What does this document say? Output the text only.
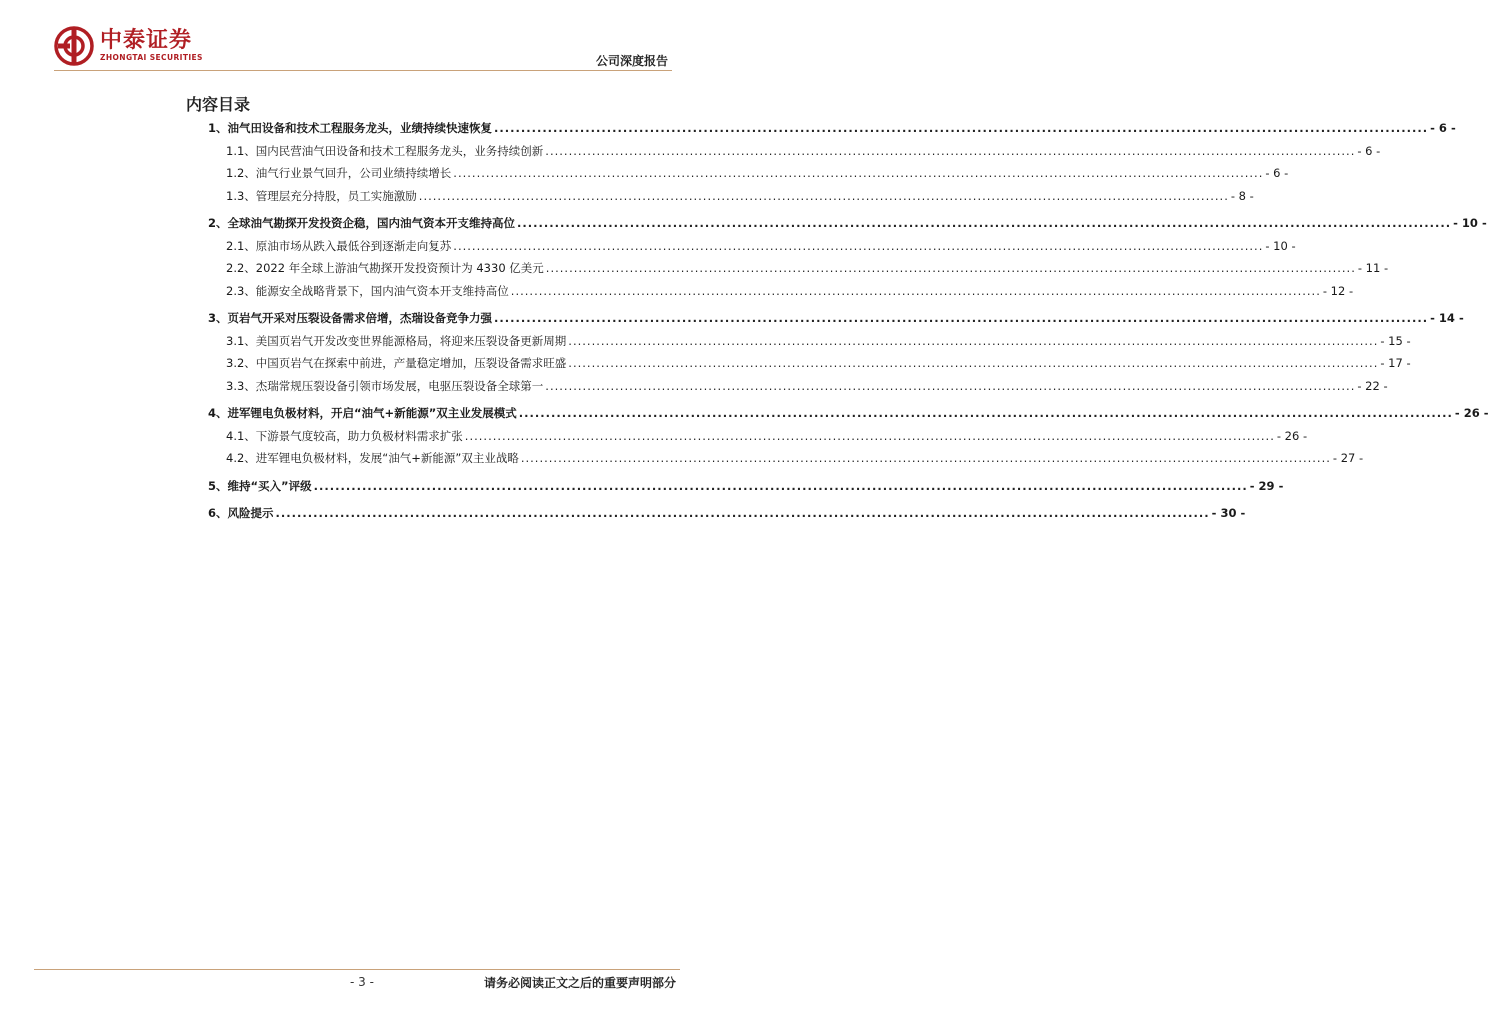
中泰证券
ZHONGTAI SECURITIES	公司深度报告
内容目录
1、油气田设备和技术工程服务龙头，业绩持续快速恢复 .....	- 6 -
1.1、国内民营油气田设备和技术工程服务龙头，业务持续创新 .....	- 6 -
1.2、油气行业景气回升，公司业绩持续增长 .....	- 6 -
1.3、管理层充分持股，员工实施激励 .....	- 8 -
2、全球油气勘探开发投资企稳，国内油气资本开支维持高位 .....	- 10 -
2.1、原油市场从跌入最低谷到逐渐走向复苏 .....	- 10 -
2.2、2022 年全球上游油气勘探开发投资预计为 4330 亿美元 .....	- 11 -
2.3、能源安全战略背景下，国内油气资本开支维持高位 .....	- 12 -
3、页岩气开采对压裂设备需求倍增，杰瑞设备竞争力强 .....	- 14 -
3.1、美国页岩气开发改变世界能源格局，将迎来压裂设备更新周期 .....	- 15 -
3.2、中国页岩气在探索中前进，产量稳定增加，压裂设备需求旺盛 .....	- 17 -
3.3、杰瑞常规压裂设备引领市场发展，电驱压裂设备全球第一 .....	- 22 -
4、进军锂电负极材料，开启“油气+新能源”双主业发展模式 .....	- 26 -
4.1、下游景气度较高，助力负极材料需求扩张 .....	- 26 -
4.2、进军锂电负极材料，发展“油气+新能源”双主业战略 .....	- 27 -
5、维持“买入”评级 .....	- 29 -
6、风险提示 .....	- 30 -
- 3 -	请务必阅读正文之后的重要声明部分
